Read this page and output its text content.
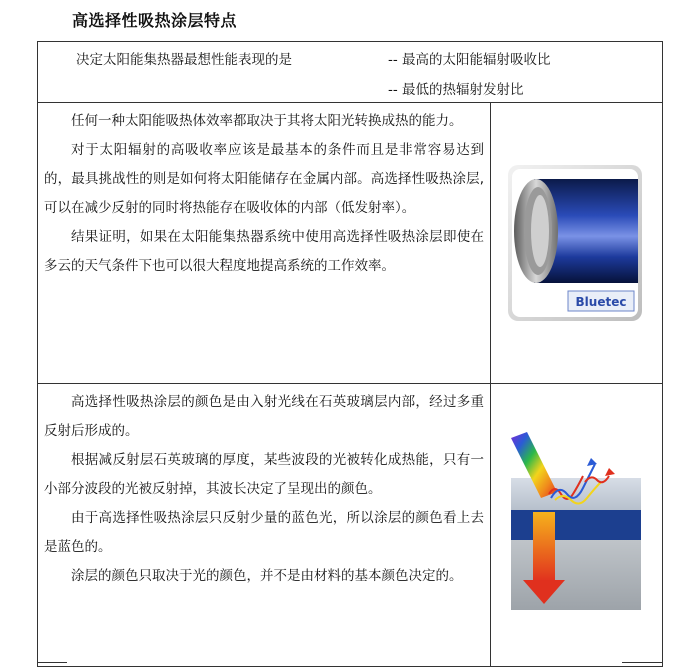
高选择性吸热涂层特点
决定太阳能集热器最想性能表现的是 -- 最高的太阳能辐射吸收比
-- 最低的热辐射发射比	

任何一种太阳能吸热体效率都取决于其将太阳光转换成热的能力。

对于太阳辐射的高吸收率应该是最基本的条件而且是非常容易达到的，最具挑战性的则是如何将太阳能储存在金属内部。高选择性吸热涂层,可以在减少反射的同时将热能存在吸收体的内部（低发射率）。

结果证明，如果在太阳能集热器系统中使用高选择性吸热涂层即使在多云的天气条件下也可以很大程度地提高系统的工作效率。	Bluetec

高选择性吸热涂层的颜色是由入射光线在石英玻璃层内部，经过多重反射后形成的。

根据减反射层石英玻璃的厚度，某些波段的光被转化成热能，只有一小部分波段的光被反射掉，其波长决定了呈现出的颜色。

由于高选择性吸热涂层只反射少量的蓝色光，所以涂层的颜色看上去是蓝色的。

涂层的颜色只取决于光的颜色，并不是由材料的基本颜色决定的。
